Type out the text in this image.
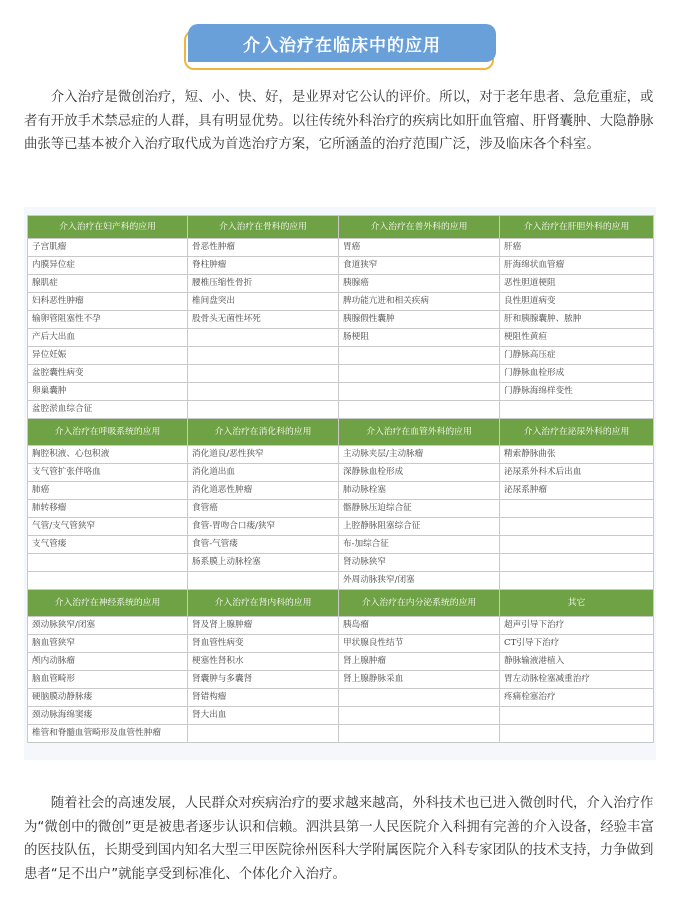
介入治疗在临床中的应用

介入治疗是微创治疗，短、小、快、好，是业界对它公认的评价。所以，对于老年患者、急危重症，或者有开放手术禁忌症的人群，具有明显优势。以往传统外科治疗的疾病比如肝血管瘤、肝肾囊肿、大隐静脉曲张等已基本被介入治疗取代成为首选治疗方案，它所涵盖的治疗范围广泛，涉及临床各个科室。

介入治疗在妇产科的应用	介入治疗在骨科的应用	介入治疗在普外科的应用	介入治疗在肝胆外科的应用
子宫肌瘤	骨恶性肿瘤	胃癌	肝癌
内膜异位症	脊柱肿瘤	食道狭窄	肝海绵状血管瘤
腺肌症	腰椎压缩性骨折	胰腺癌	恶性胆道梗阻
妇科恶性肿瘤	椎间盘突出	脾功能亢进和相关疾病	良性胆道病变
输卵管阻塞性不孕	股骨头无菌性坏死	胰腺假性囊肿	肝和胰腺囊肿、脓肿
产后大出血		肠梗阻	梗阻性黄疸
异位妊娠			门静脉高压症
盆腔囊性病变			门静脉血栓形成
卵巢囊肿			门静脉海绵样变性
盆腔淤血综合征			
介入治疗在呼吸系统的应用	介入治疗在消化科的应用	介入治疗在血管外科的应用	介入治疗在泌尿外科的应用
胸腔积液、心包积液	消化道良/恶性狭窄	主动脉夹层/主动脉瘤	精索静脉曲张
支气管扩张伴咯血	消化道出血	深静脉血栓形成	泌尿系外科术后出血
肺癌	消化道恶性肿瘤	肺动脉栓塞	泌尿系肿瘤
肺转移瘤	食管癌	髂静脉压迫综合征	
气管/支气管狭窄	食管-胃吻合口瘘/狭窄	上腔静脉阻塞综合征	
支气管瘘	食管-气管瘘	布-加综合征	
	肠系膜上动脉栓塞	肾动脉狭窄	
		外周动脉狭窄/闭塞	
介入治疗在神经系统的应用	介入治疗在肾内科的应用	介入治疗在内分泌系统的应用	其它
颈动脉狭窄/闭塞	肾及肾上腺肿瘤	胰岛瘤	超声引导下治疗
脑血管狭窄	肾血管性病变	甲状腺良性结节	CT引导下治疗
颅内动脉瘤	梗塞性肾积水	肾上腺肿瘤	静脉输液港植入
脑血管畸形	肾囊肿与多囊肾	肾上腺静脉采血	胃左动脉栓塞减重治疗
硬脑膜动静脉瘘	肾错构瘤		疼痛栓塞治疗
颈动脉海绵窦瘘	肾大出血		
椎管和脊髓血管畸形及血管性肿瘤			

随着社会的高速发展，人民群众对疾病治疗的要求越来越高，外科技术也已进入微创时代，介入治疗作为“微创中的微创”更是被患者逐步认识和信赖。泗洪县第一人民医院介入科拥有完善的介入设备，经验丰富的医技队伍，长期受到国内知名大型三甲医院徐州医科大学附属医院介入科专家团队的技术支持，力争做到患者“足不出户”就能享受到标准化、个体化介入治疗。
